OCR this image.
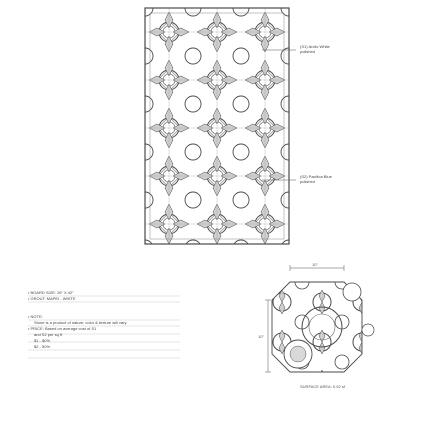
(S1) Arctic White
polished
(S2) Pacifica Blue
polished
• BOARD SIZE: 26" X 42"
• GROUT: MAPEI - WHITE
• NOTE:
Stone is a product of nature; color & texture will vary.
• PRICE: Based on average cost of S1
and S2 per sq ft
$1 - $0%
$2 - 50%
10"
10"
SURFACE AREA: 0.92 sf
